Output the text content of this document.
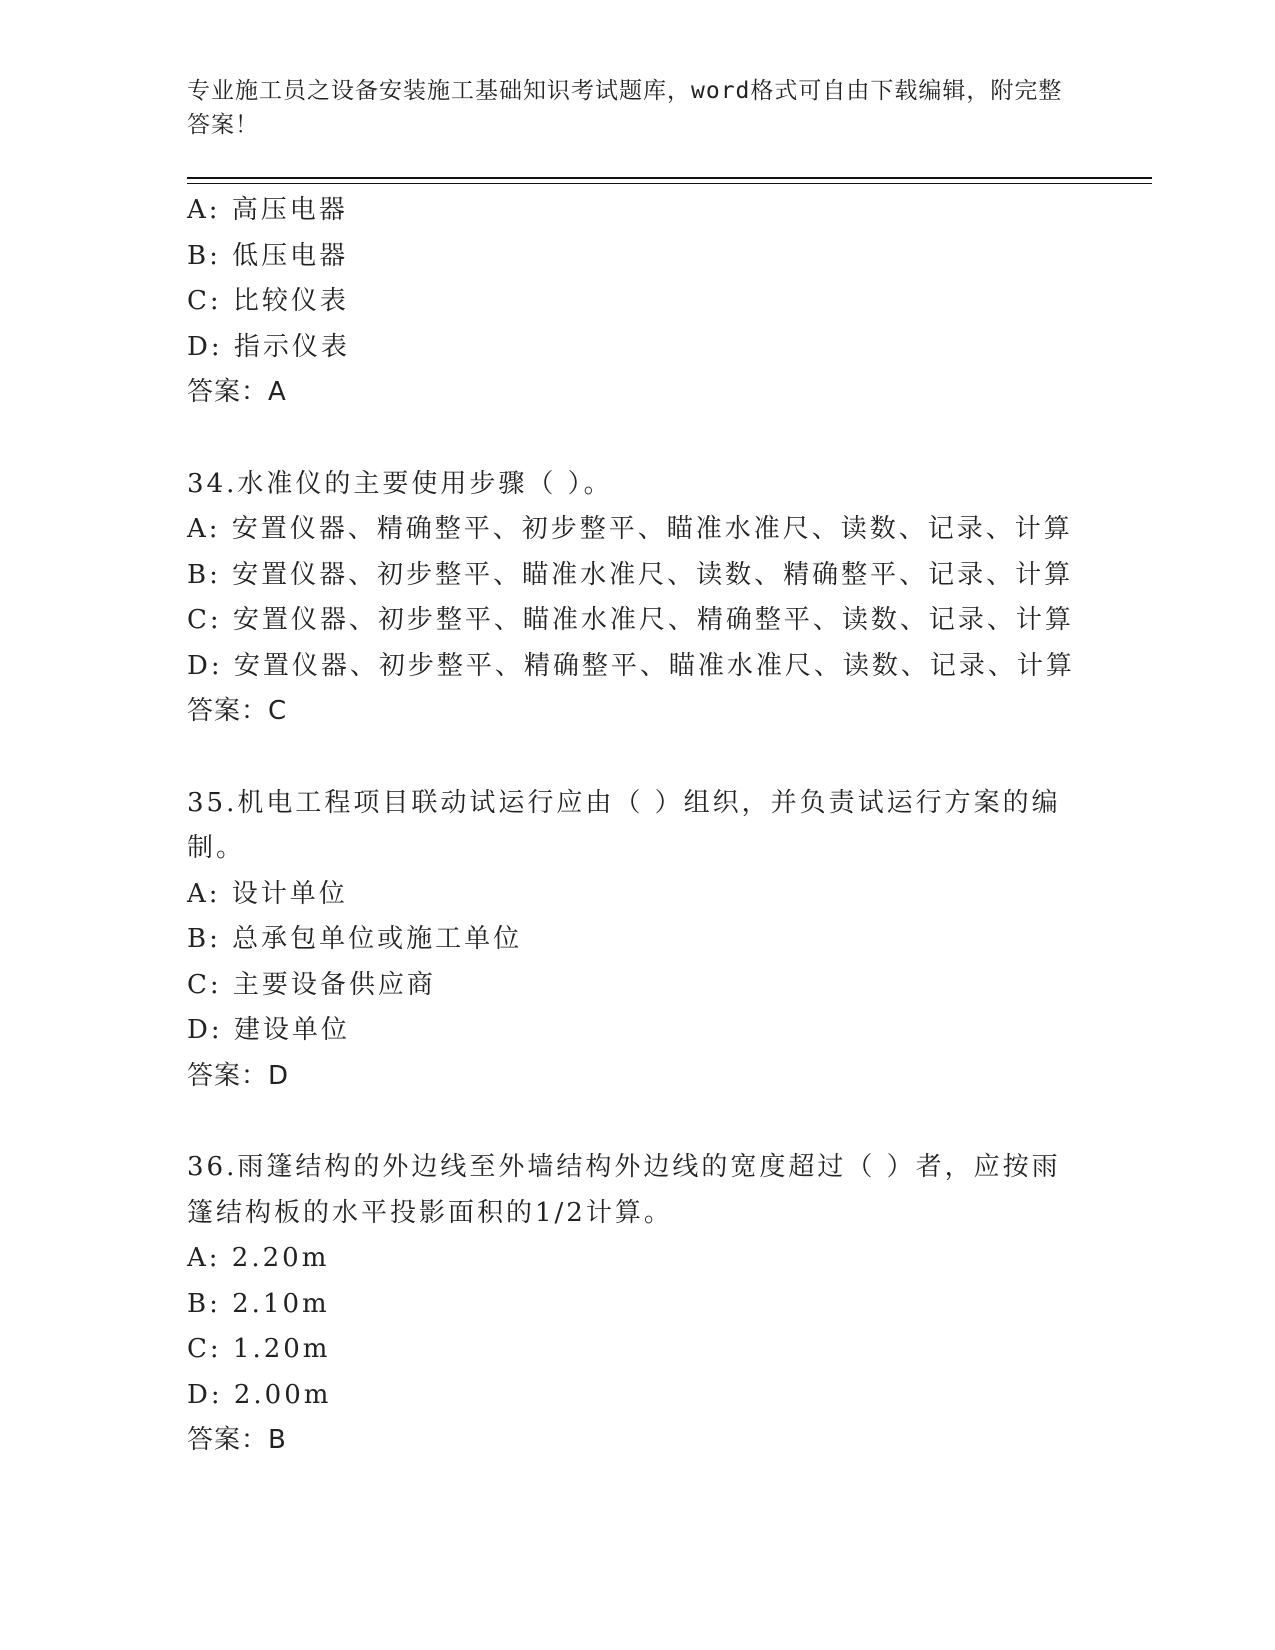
专业施工员之设备安装施工基础知识考试题库，word格式可自由下载编辑，附完整答案！
A: 高压电器
B: 低压电器
C: 比较仪表
D: 指示仪表
答案：A
34.水准仪的主要使用步骤（ ）。
A: 安置仪器、精确整平、初步整平、瞄准水准尺、读数、记录、计算
B: 安置仪器、初步整平、瞄准水准尺、读数、精确整平、记录、计算
C: 安置仪器、初步整平、瞄准水准尺、精确整平、读数、记录、计算
D: 安置仪器、初步整平、精确整平、瞄准水准尺、读数、记录、计算
答案：C
35.机电工程项目联动试运行应由（ ）组织，并负责试运行方案的编
制。
A: 设计单位
B: 总承包单位或施工单位
C: 主要设备供应商
D: 建设单位
答案：D
36.雨篷结构的外边线至外墙结构外边线的宽度超过（ ）者，应按雨
篷结构板的水平投影面积的1/2计算。
A: 2.20m
B: 2.10m
C: 1.20m
D: 2.00m
答案：B
